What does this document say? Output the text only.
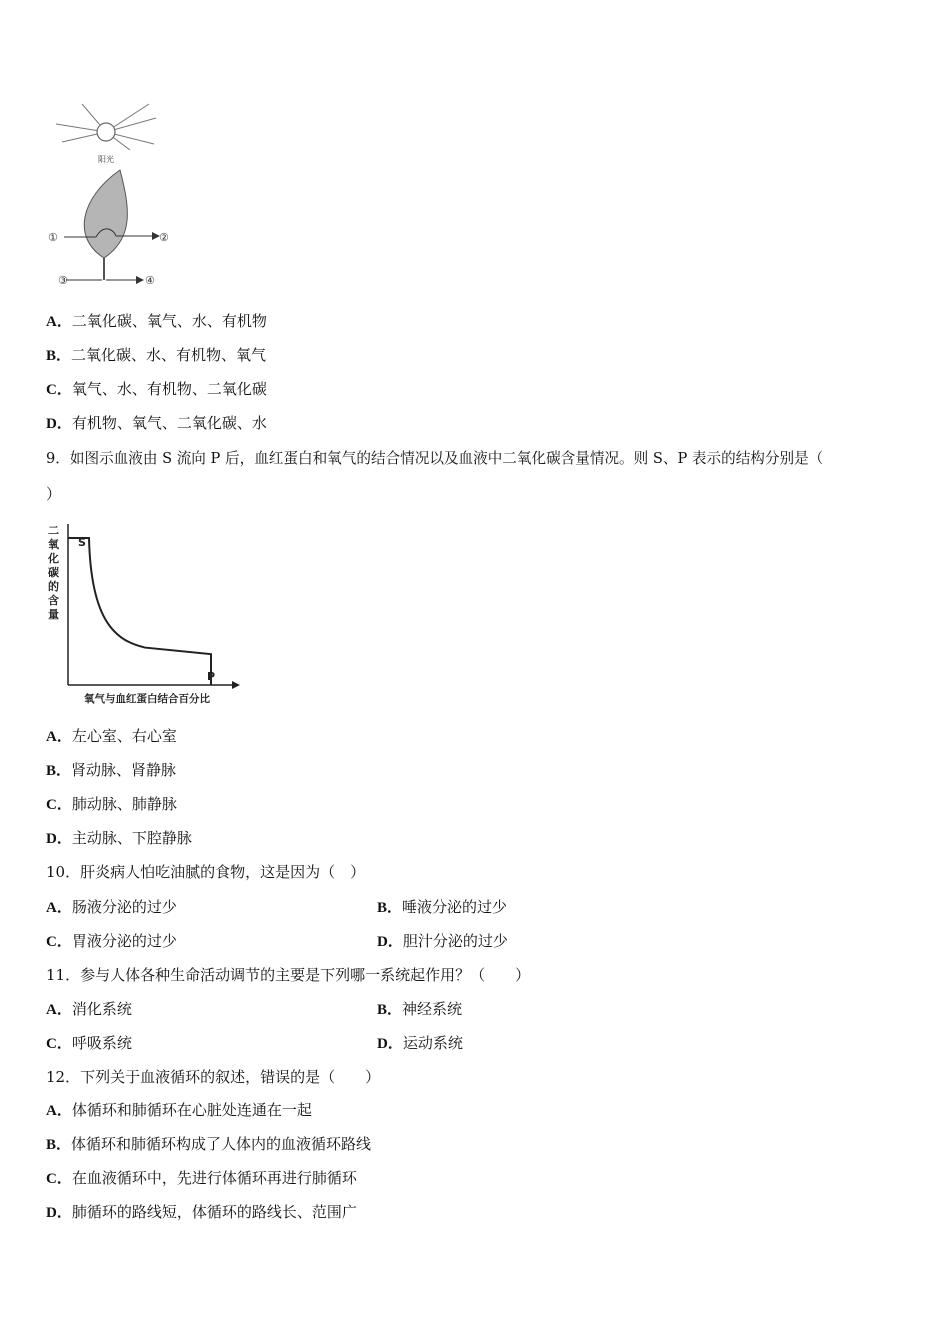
阳光
①	②
③	④
A．二氧化碳、氧气、水、有机物
B．二氧化碳、水、有机物、氧气
C．氧气、水、有机物、二氧化碳
D．有机物、氧气、二氧化碳、水
9．如图示血液由 S 流向 P 后，血红蛋白和氧气的结合情况以及血液中二氧化碳含量情况。则 S、P 表示的结构分别是（
）
二
氧
化
碳
的
含
量
S
P
氧气与血红蛋白结合百分比
A．左心室、右心室
B．肾动脉、肾静脉
C．肺动脉、肺静脉
D．主动脉、下腔静脉
10．肝炎病人怕吃油腻的食物，这是因为（　）
A．肠液分泌的过少	B．唾液分泌的过少
C．胃液分泌的过少	D．胆汁分泌的过少
11．参与人体各种生命活动调节的主要是下列哪一系统起作用？（　　）
A．消化系统	B．神经系统
C．呼吸系统	D．运动系统
12．下列关于血液循环的叙述，错误的是（　　）
A．体循环和肺循环在心脏处连通在一起
B．体循环和肺循环构成了人体内的血液循环路线
C．在血液循环中，先进行体循环再进行肺循环
D．肺循环的路线短，体循环的路线长、范围广
